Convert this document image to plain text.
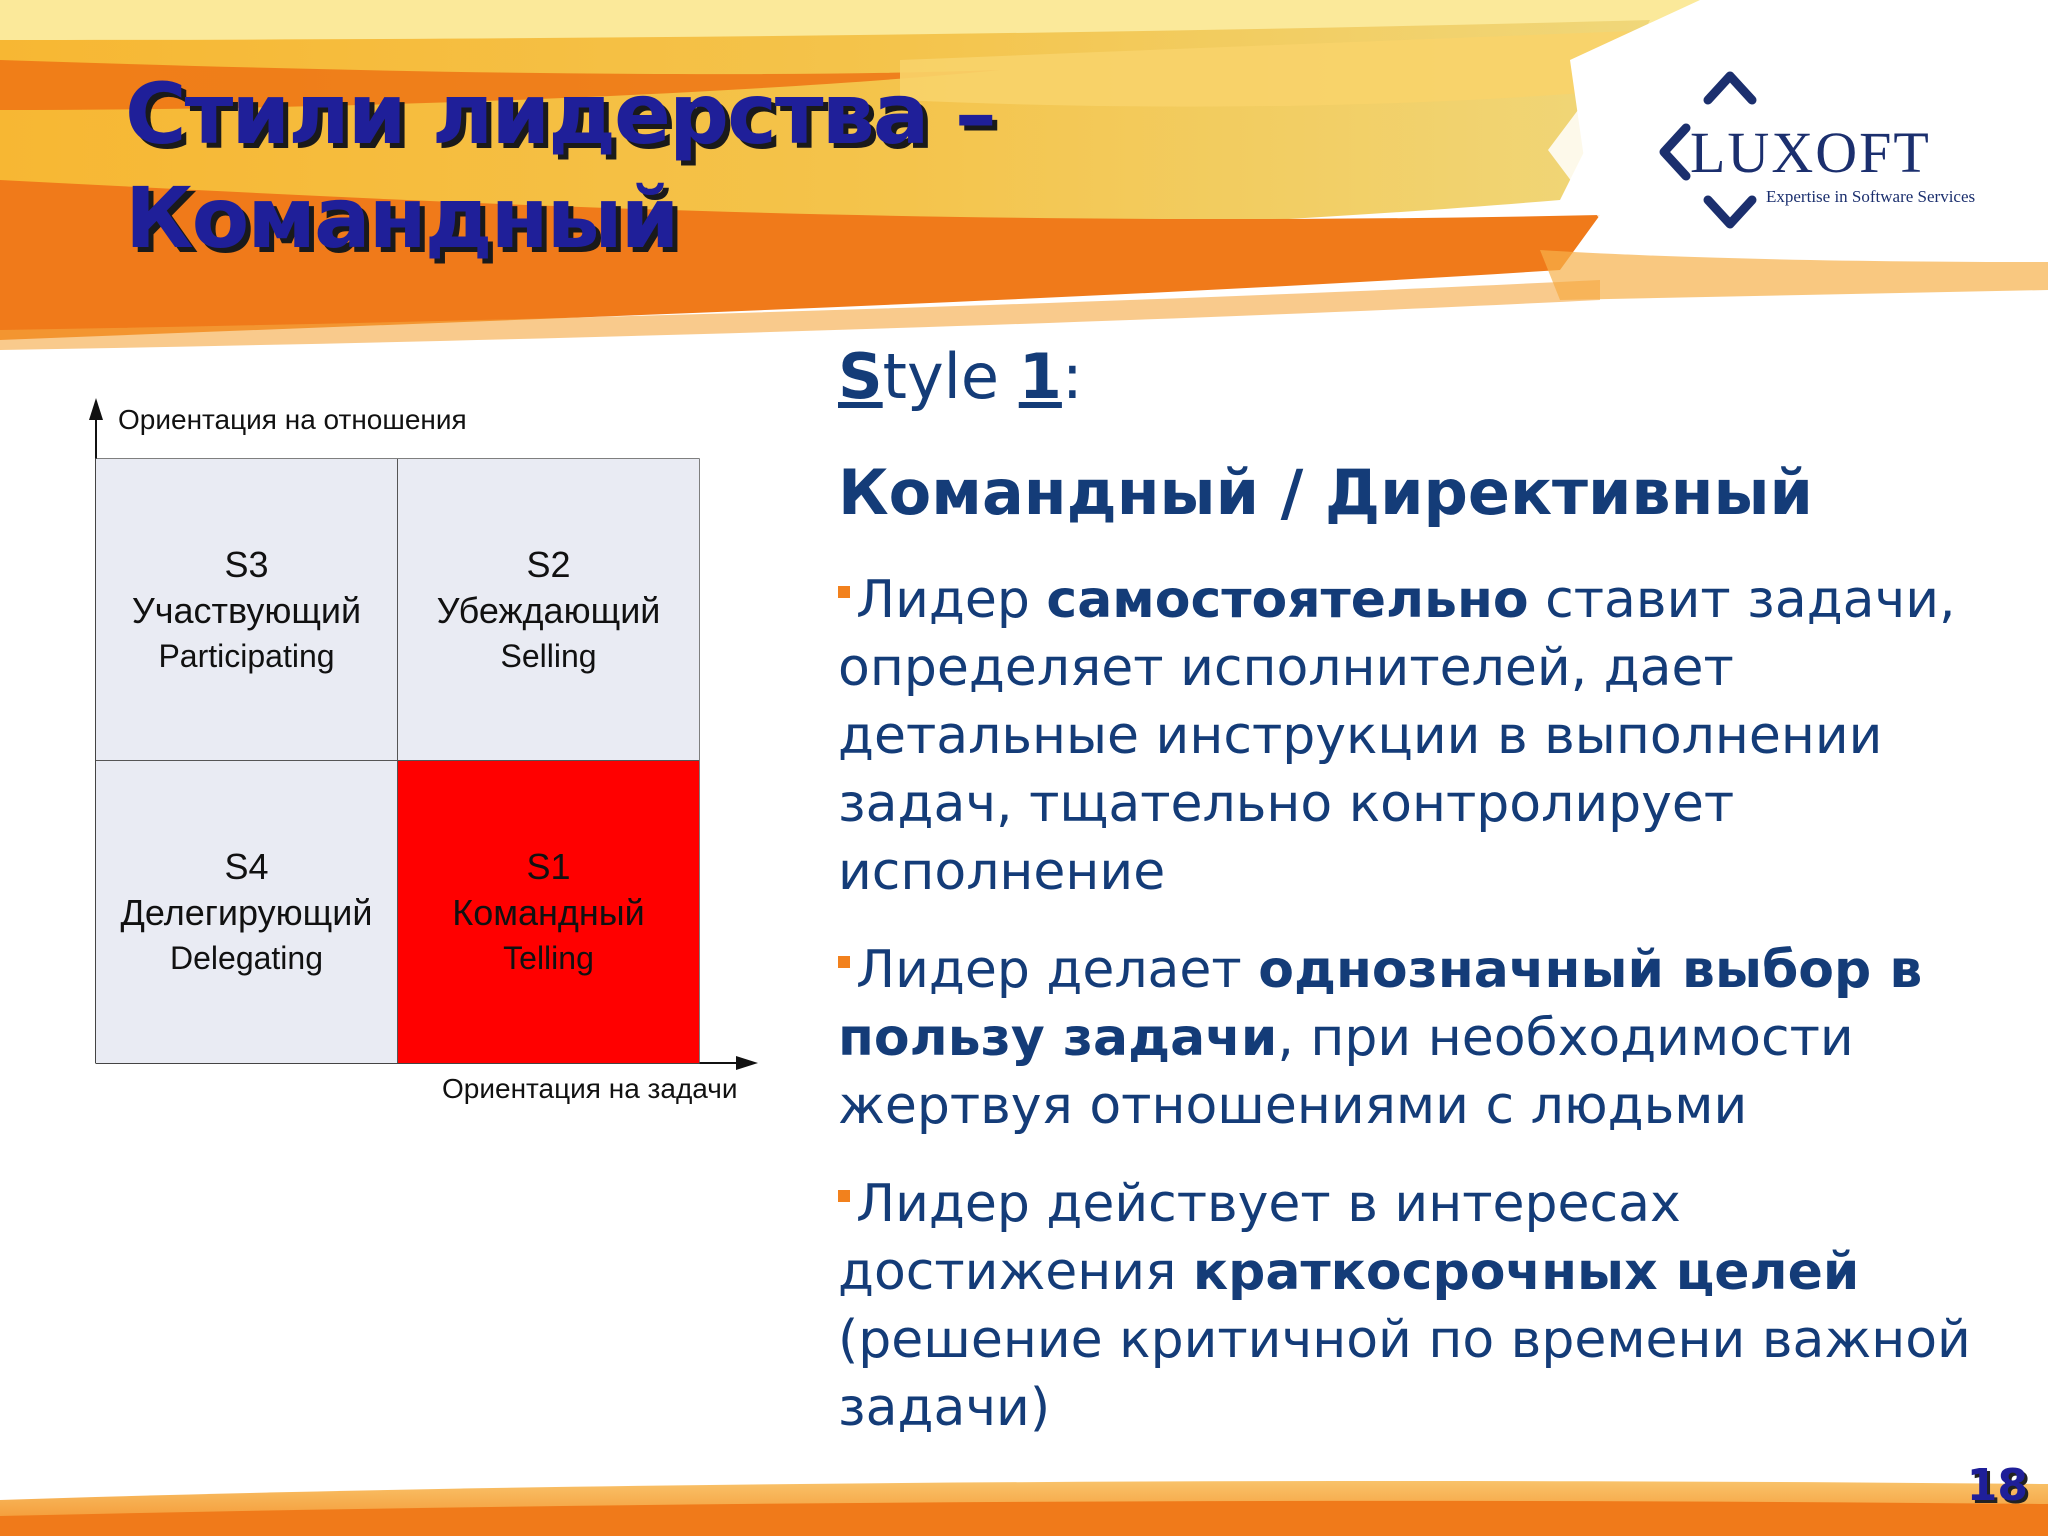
Стили лидерства –
Командный
LUXOFT
Expertise in Software Services
Ориентация на отношения
Ориентация на задачи
S3
Участвующий
Participating
S2
Убеждающий
Selling
S4
Делегирующий
Delegating
S1
Командный
Telling
Style 1:
Командный / Директивный
Лидер самостоятельно ставит задачи, определяет исполнителей, дает детальные инструкции в выполнении задач, тщательно контролирует исполнение
Лидер делает однозначный выбор в пользу задачи, при необходимости жертвуя отношениями с людьми
Лидер действует в интересах достижения краткосрочных целей (решение критичной по времени важной задачи)
18
